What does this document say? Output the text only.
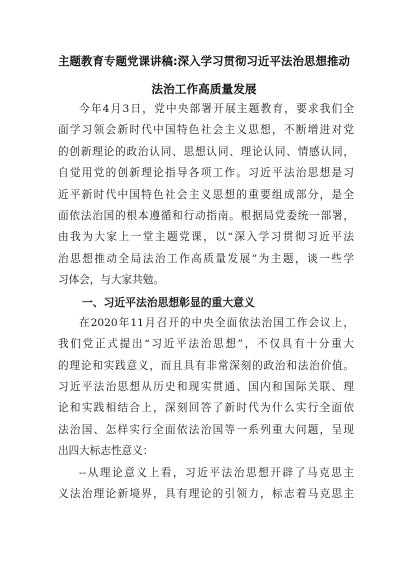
主题教育专题党课讲稿:深入学习贯彻习近平法治思想推动
法治工作高质量发展
今年4月3日，党中央部署开展主题教育，要求我们全
面学习领会新时代中国特色社会主义思想，不断增进对党
的创新理论的政治认同、思想认同、理论认同、情感认同，
自觉用党的创新理论指导各项工作。习近平法治思想是习
近平新时代中国特色社会主义思想的重要组成部分，是全
面依法治国的根本遵循和行动指南。根据局党委统一部署，
由我为大家上一堂主题党课，以“深入学习贯彻习近平法
治思想推动全局法治工作高质量发展”为主题，谈一些学
习体会，与大家共勉。
一、习近平法治思想彰显的重大意义
在2020年11月召开的中央全面依法治国工作会议上，
我们党正式提出“习近平法治思想”，不仅具有十分重大
的理论和实践意义，而且具有非常深刻的政治和法治价值。
习近平法治思想从历史和现实贯通、国内和国际关联、理
论和实践相结合上，深刻回答了新时代为什么实行全面依
法治国、怎样实行全面依法治国等一系列重大问题，呈现
出四大标志性意义：
--从理论意义上看，习近平法治思想开辟了马克思主
义法治理论新境界，具有理论的引领力，标志着马克思主
